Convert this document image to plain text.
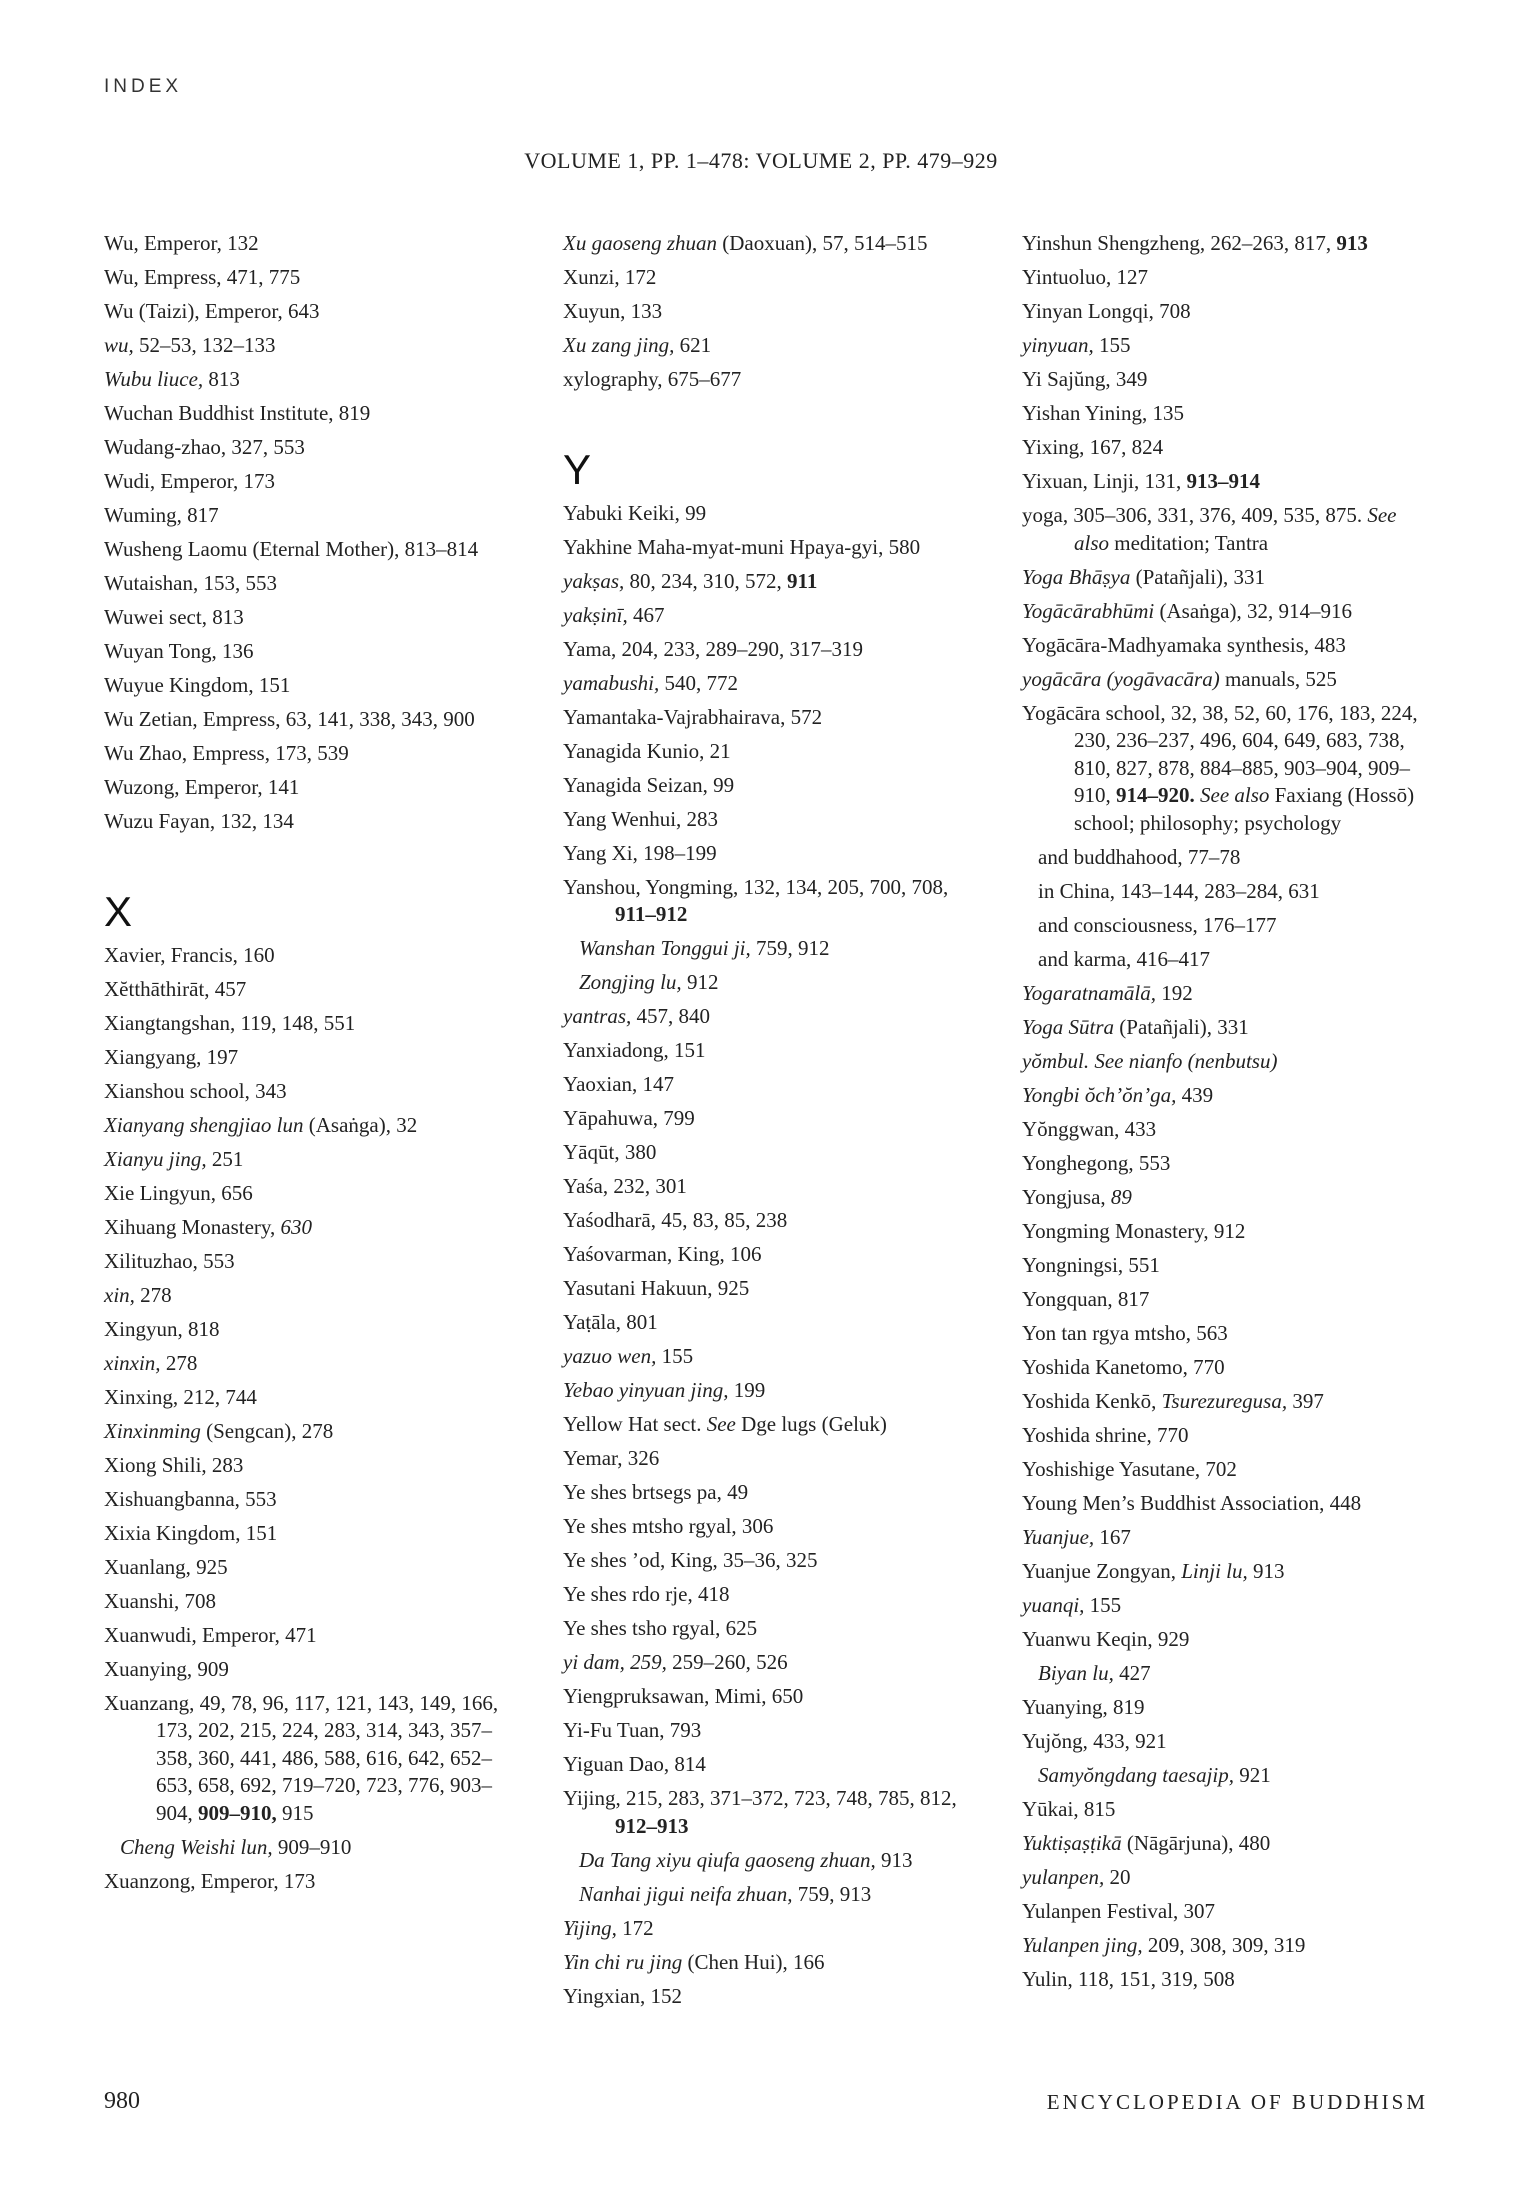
INDEX
VOLUME 1, PP. 1–478: VOLUME 2, PP. 479–929
Wu, Emperor, 132
Wu, Empress, 471, 775
Wu (Taizi), Emperor, 643
wu, 52–53, 132–133
Wubu liuce, 813
Wuchan Buddhist Institute, 819
Wudang-zhao, 327, 553
Wudi, Emperor, 173
Wuming, 817
Wusheng Laomu (Eternal Mother), 813–814
Wutaishan, 153, 553
Wuwei sect, 813
Wuyan Tong, 136
Wuyue Kingdom, 151
Wu Zetian, Empress, 63, 141, 338, 343, 900
Wu Zhao, Empress, 173, 539
Wuzong, Emperor, 141
Wuzu Fayan, 132, 134
X
Xavier, Francis, 160
Xĕtthāthirāt, 457
Xiangtangshan, 119, 148, 551
Xiangyang, 197
Xianshou school, 343
Xianyang shengjiao lun (Asaṅga), 32
Xianyu jing, 251
Xie Lingyun, 656
Xihuang Monastery, 630
Xilituzhao, 553
xin, 278
Xingyun, 818
xinxin, 278
Xinxing, 212, 744
Xinxinming (Sengcan), 278
Xiong Shili, 283
Xishuangbanna, 553
Xixia Kingdom, 151
Xuanlang, 925
Xuanshi, 708
Xuanwudi, Emperor, 471
Xuanying, 909
Xuanzang, 49, 78, 96, 117, 121, 143, 149, 166, 173, 202, 215, 224, 283, 314, 343, 357–358, 360, 441, 486, 588, 616, 642, 652–653, 658, 692, 719–720, 723, 776, 903–904, 909–910, 915
Cheng Weishi lun, 909–910
Xuanzong, Emperor, 173
Xu gaoseng zhuan (Daoxuan), 57, 514–515
Xunzi, 172
Xuyun, 133
Xu zang jing, 621
xylography, 675–677
Y
Yabuki Keiki, 99
Yakhine Maha-myat-muni Hpaya-gyi, 580
yakṣas, 80, 234, 310, 572, 911
yakṣinī, 467
Yama, 204, 233, 289–290, 317–319
yamabushi, 540, 772
Yamantaka-Vajrabhairava, 572
Yanagida Kunio, 21
Yanagida Seizan, 99
Yang Wenhui, 283
Yang Xi, 198–199
Yanshou, Yongming, 132, 134, 205, 700, 708, 911–912
Wanshan Tonggui ji, 759, 912
Zongjing lu, 912
yantras, 457, 840
Yanxiadong, 151
Yaoxian, 147
Yāpahuwa, 799
Yāqūt, 380
Yaśa, 232, 301
Yaśodharā, 45, 83, 85, 238
Yaśovarman, King, 106
Yasutani Hakuun, 925
Yaṭāla, 801
yazuo wen, 155
Yebao yinyuan jing, 199
Yellow Hat sect. See Dge lugs (Geluk)
Yemar, 326
Ye shes brtsegs pa, 49
Ye shes mtsho rgyal, 306
Ye shes ’od, King, 35–36, 325
Ye shes rdo rje, 418
Ye shes tsho rgyal, 625
yi dam, 259, 259–260, 526
Yiengpruksawan, Mimi, 650
Yi-Fu Tuan, 793
Yiguan Dao, 814
Yijing, 215, 283, 371–372, 723, 748, 785, 812, 912–913
Da Tang xiyu qiufa gaoseng zhuan, 913
Nanhai jigui neifa zhuan, 759, 913
Yijing, 172
Yin chi ru jing (Chen Hui), 166
Yingxian, 152
Yinshun Shengzheng, 262–263, 817, 913
Yintuoluo, 127
Yinyan Longqi, 708
yinyuan, 155
Yi Sajŭng, 349
Yishan Yining, 135
Yixing, 167, 824
Yixuan, Linji, 131, 913–914
yoga, 305–306, 331, 376, 409, 535, 875. See also meditation; Tantra
Yoga Bhāṣya (Patañjali), 331
Yogācārabhūmi (Asaṅga), 32, 914–916
Yogācāra-Madhyamaka synthesis, 483
yogācāra (yogāvacāra) manuals, 525
Yogācāra school, 32, 38, 52, 60, 176, 183, 224, 230, 236–237, 496, 604, 649, 683, 738, 810, 827, 878, 884–885, 903–904, 909–910, 914–920. See also Faxiang (Hossō) school; philosophy; psychology
and buddhahood, 77–78
in China, 143–144, 283–284, 631
and consciousness, 176–177
and karma, 416–417
Yogaratnamālā, 192
Yoga Sūtra (Patañjali), 331
yŏmbul. See nianfo (nenbutsu)
Yongbi ŏch’ŏn’ga, 439
Yŏnggwan, 433
Yonghegong, 553
Yongjusa, 89
Yongming Monastery, 912
Yongningsi, 551
Yongquan, 817
Yon tan rgya mtsho, 563
Yoshida Kanetomo, 770
Yoshida Kenkō, Tsurezuregusa, 397
Yoshida shrine, 770
Yoshishige Yasutane, 702
Young Men’s Buddhist Association, 448
Yuanjue, 167
Yuanjue Zongyan, Linji lu, 913
yuanqi, 155
Yuanwu Keqin, 929
Biyan lu, 427
Yuanying, 819
Yujŏng, 433, 921
Samyŏngdang taesajip, 921
Yūkai, 815
Yuktiṣaṣṭikā (Nāgārjuna), 480
yulanpen, 20
Yulanpen Festival, 307
Yulanpen jing, 209, 308, 309, 319
Yulin, 118, 151, 319, 508
980	ENCYCLOPEDIA OF BUDDHISM
